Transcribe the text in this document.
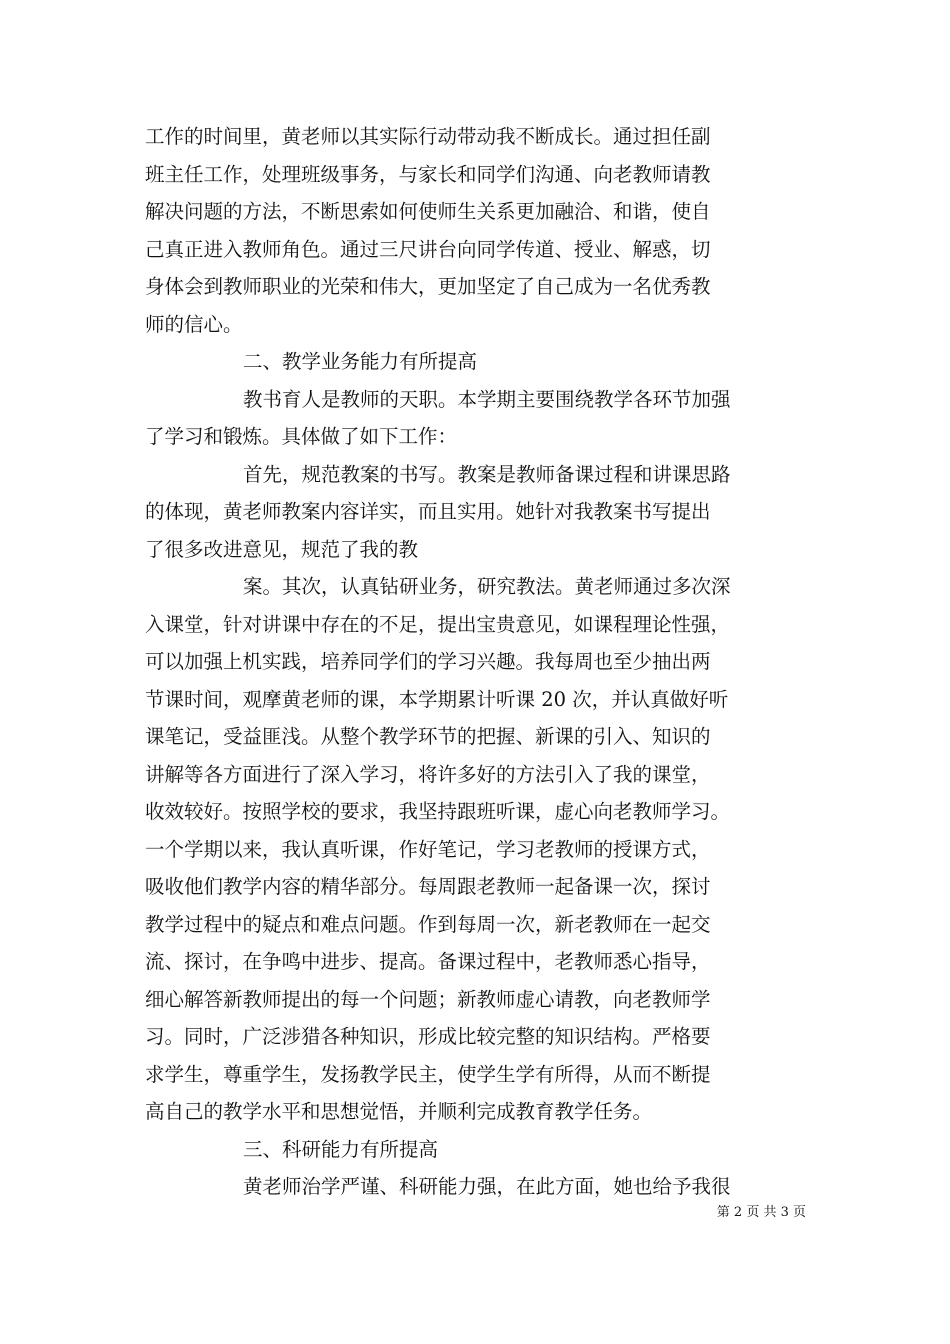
工作的时间里，黄老师以其实际行动带动我不断成长。通过担任副
班主任工作，处理班级事务，与家长和同学们沟通、向老教师请教
解决问题的方法，不断思索如何使师生关系更加融洽、和谐，使自
己真正进入教师角色。通过三尺讲台向同学传道、授业、解惑，切
身体会到教师职业的光荣和伟大，更加坚定了自己成为一名优秀教
师的信心。
二、教学业务能力有所提高
教书育人是教师的天职。本学期主要围绕教学各环节加强
了学习和锻炼。具体做了如下工作：
首先，规范教案的书写。教案是教师备课过程和讲课思路
的体现，黄老师教案内容详实，而且实用。她针对我教案书写提出
了很多改进意见，规范了我的教
案。其次，认真钻研业务，研究教法。黄老师通过多次深
入课堂，针对讲课中存在的不足，提出宝贵意见，如课程理论性强，
可以加强上机实践，培养同学们的学习兴趣。我每周也至少抽出两
节课时间，观摩黄老师的课，本学期累计听课 20 次，并认真做好听
课笔记，受益匪浅。从整个教学环节的把握、新课的引入、知识的
讲解等各方面进行了深入学习，将许多好的方法引入了我的课堂，
收效较好。按照学校的要求，我坚持跟班听课，虚心向老教师学习。
一个学期以来，我认真听课，作好笔记，学习老教师的授课方式，
吸收他们教学内容的精华部分。每周跟老教师一起备课一次，探讨
教学过程中的疑点和难点问题。作到每周一次，新老教师在一起交
流、探讨，在争鸣中进步、提高。备课过程中，老教师悉心指导，
细心解答新教师提出的每一个问题；新教师虚心请教，向老教师学
习。同时，广泛涉猎各种知识，形成比较完整的知识结构。严格要
求学生，尊重学生，发扬教学民主，使学生学有所得，从而不断提
高自己的教学水平和思想觉悟，并顺利完成教育教学任务。
三、科研能力有所提高
黄老师治学严谨、科研能力强，在此方面，她也给予我很
第 2 页 共 3 页
